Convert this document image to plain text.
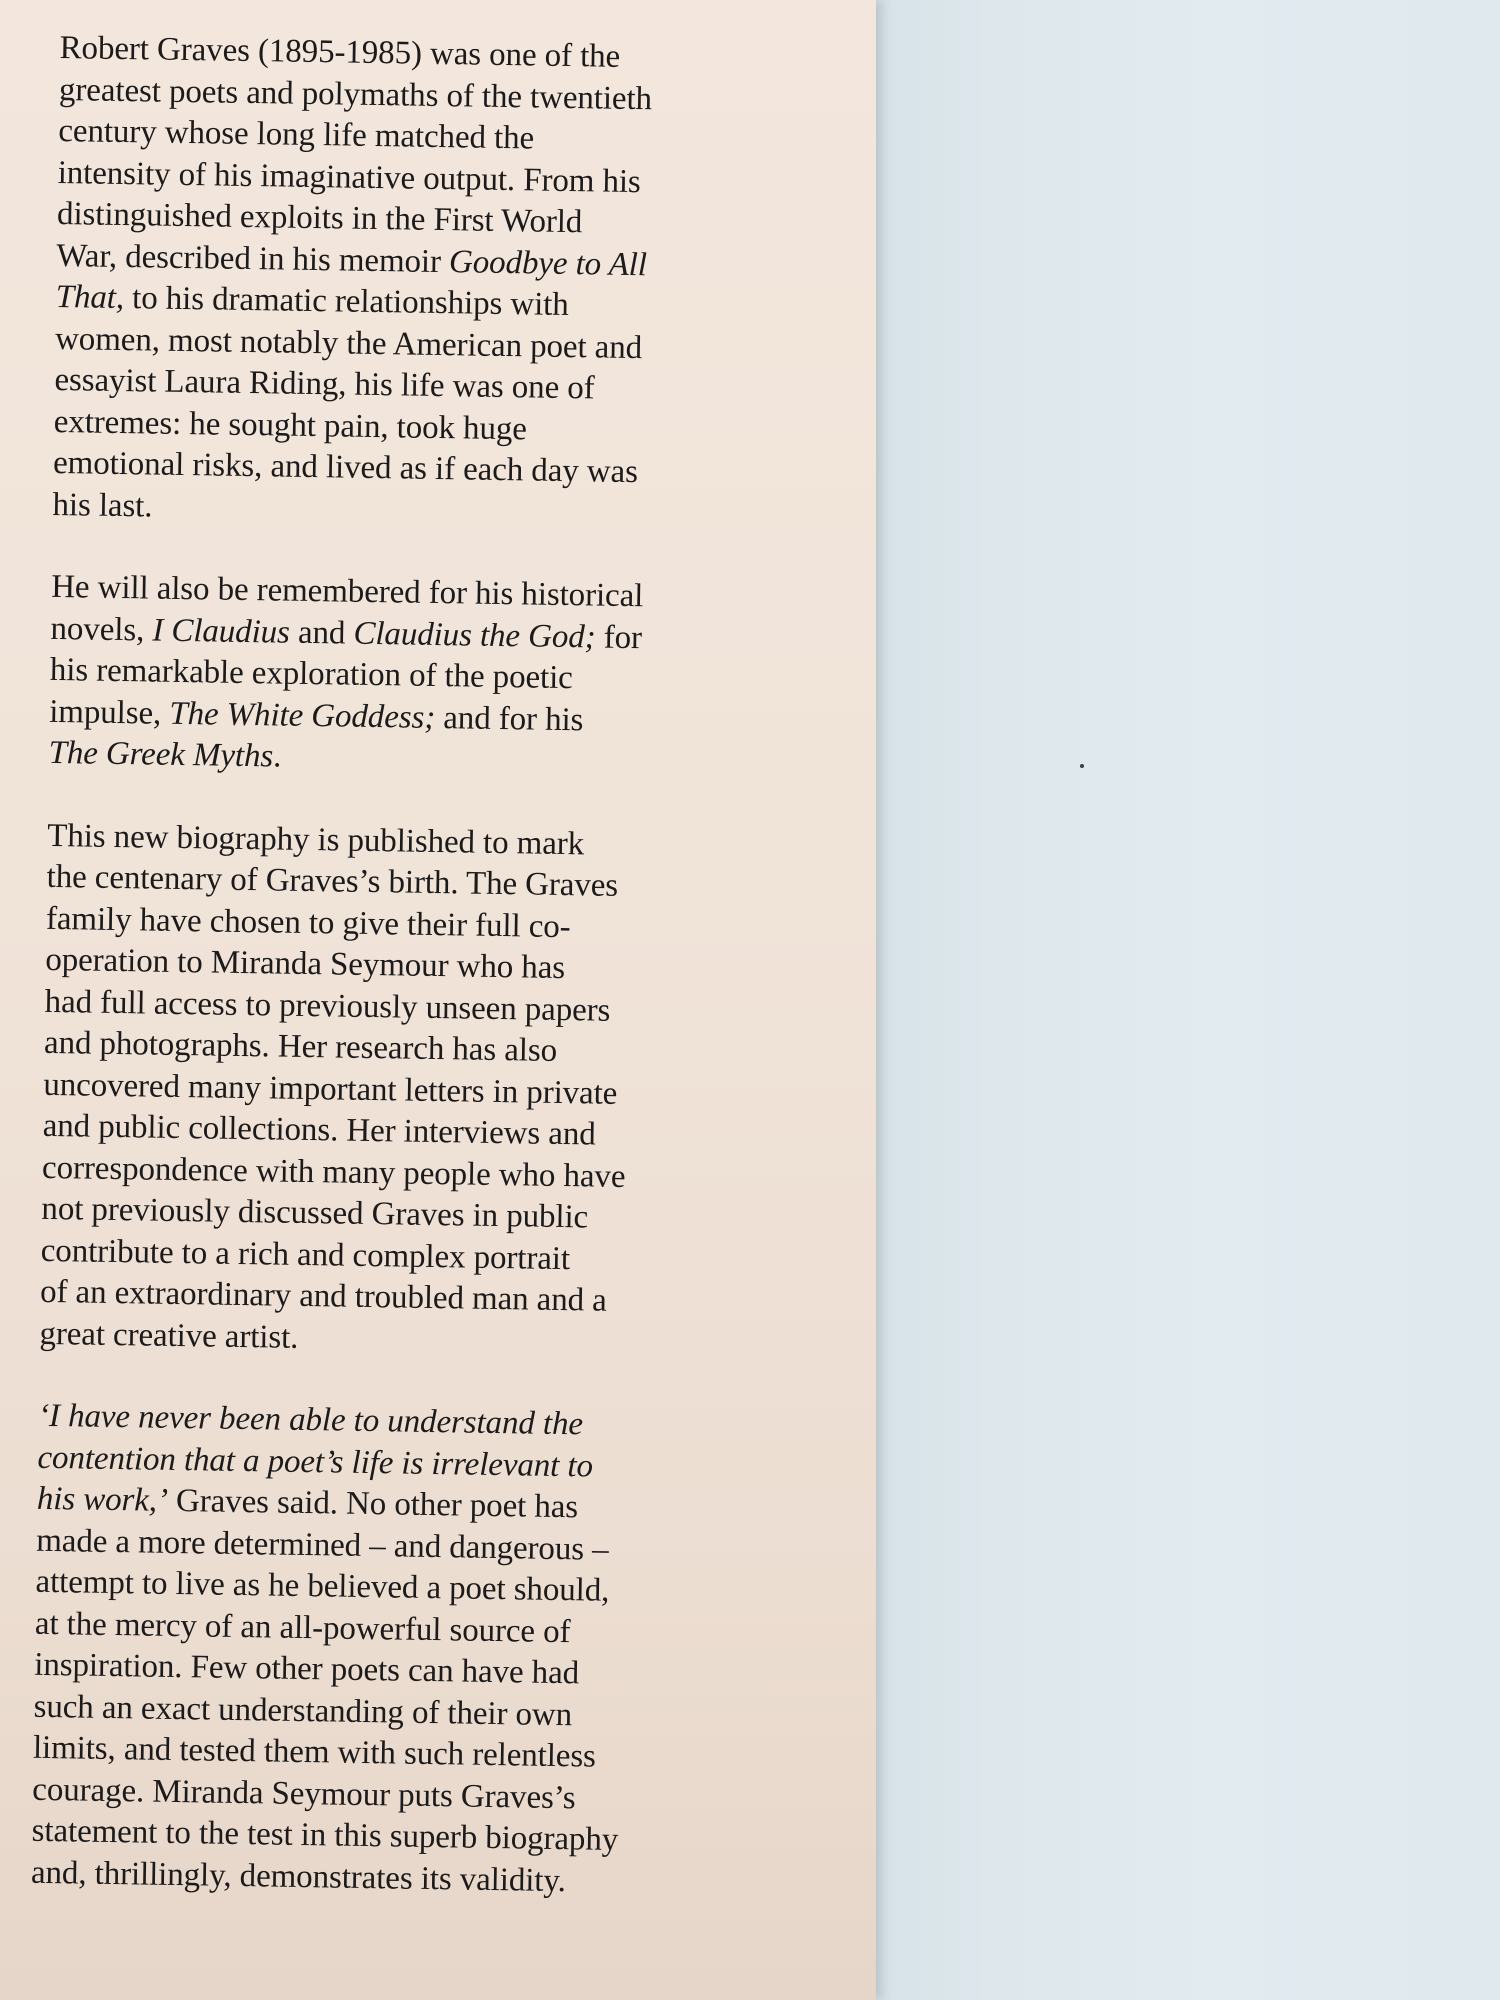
Robert Graves (1895-1985) was one of the
greatest poets and polymaths of the twentieth
century whose long life matched the
intensity of his imaginative output. From his
distinguished exploits in the First World
War, described in his memoir Goodbye to All
That, to his dramatic relationships with
women, most notably the American poet and
essayist Laura Riding, his life was one of
extremes: he sought pain, took huge
emotional risks, and lived as if each day was
his last.
He will also be remembered for his historical
novels, I Claudius and Claudius the God; for
his remarkable exploration of the poetic
impulse, The White Goddess; and for his
The Greek Myths.
This new biography is published to mark
the centenary of Graves’s birth. The Graves
family have chosen to give their full co-
operation to Miranda Seymour who has
had full access to previously unseen papers
and photographs. Her research has also
uncovered many important letters in private
and public collections. Her interviews and
correspondence with many people who have
not previously discussed Graves in public
contribute to a rich and complex portrait
of an extraordinary and troubled man and a
great creative artist.
‘I have never been able to understand the
contention that a poet’s life is irrelevant to
his work,’ Graves said. No other poet has
made a more determined – and dangerous –
attempt to live as he believed a poet should,
at the mercy of an all-powerful source of
inspiration. Few other poets can have had
such an exact understanding of their own
limits, and tested them with such relentless
courage. Miranda Seymour puts Graves’s
statement to the test in this superb biography
and, thrillingly, demonstrates its validity.
